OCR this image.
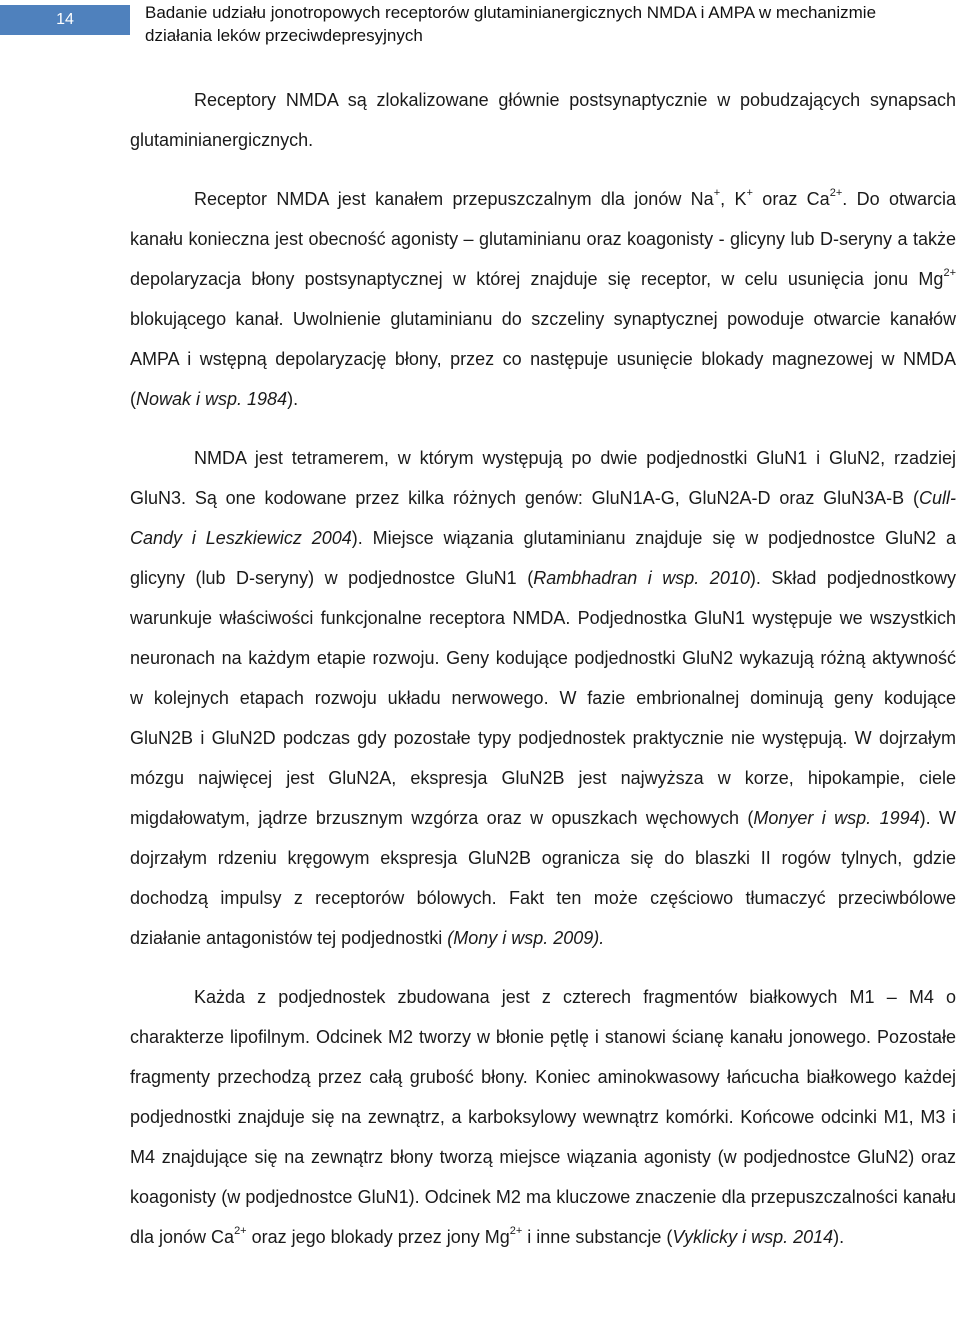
14	Badanie udziału jonotropowych receptorów glutaminianergicznych NMDA i AMPA w mechanizmie działania leków przeciwdepresyjnych

Receptory NMDA są zlokalizowane głównie postsynaptycznie w pobudzających synapsach glutaminianergicznych.

Receptor NMDA jest kanałem przepuszczalnym dla jonów Na+, K+ oraz $Ca^{2+}$. Do otwarcia kanału konieczna jest obecność agonisty – glutaminianu oraz koagonisty - glicyny lub D-seryny a także depolaryzacja błony postsynaptycznej w której znajduje się receptor, w celu usunięcia jonu $Mg^{2+}$ blokującego kanał. Uwolnienie glutaminianu do szczeliny synaptycznej powoduje otwarcie kanałów AMPA i wstępną depolaryzację błony, przez co następuje usunięcie blokady magnezowej w NMDA (Nowak i wsp. 1984).

NMDA jest tetramerem, w którym występują po dwie podjednostki GluN1 i GluN2, rzadziej GluN3. Są one kodowane przez kilka różnych genów: GluN1A-G, GluN2A-D oraz GluN3A-B (Cull-Candy i Leszkiewicz 2004). Miejsce wiązania glutaminianu znajduje się w podjednostce GluN2 a glicyny (lub D-seryny) w podjednostce GluN1 (Rambhadran i wsp. 2010). Skład podjednostkowy warunkuje właściwości funkcjonalne receptora NMDA. Podjednostka GluN1 występuje we wszystkich neuronach na każdym etapie rozwoju. Geny kodujące podjednostki GluN2 wykazują różną aktywność w kolejnych etapach rozwoju układu nerwowego. W fazie embrionalnej dominują geny kodujące GluN2B i GluN2D podczas gdy pozostałe typy podjednostek praktycznie nie występują. W dojrzałym mózgu najwięcej jest GluN2A, ekspresja GluN2B jest najwyższa w korze, hipokampie, ciele migdałowatym, jądrze brzusznym wzgórza oraz w opuszkach węchowych (Monyer i wsp. 1994). W dojrzałym rdzeniu kręgowym ekspresja GluN2B ogranicza się do blaszki II rogów tylnych, gdzie dochodzą impulsy z receptorów bólowych. Fakt ten może częściowo tłumaczyć przeciwbólowe działanie antagonistów tej podjednostki (Mony i wsp. 2009).

Każda z podjednostek zbudowana jest z czterech fragmentów białkowych M1 – M4 o charakterze lipofilnym. Odcinek M2 tworzy w błonie pętlę i stanowi ścianę kanału jonowego. Pozostałe fragmenty przechodzą przez całą grubość błony. Koniec aminokwasowy łańcucha białkowego każdej podjednostki znajduje się na zewnątrz, a karboksylowy wewnątrz komórki. Końcowe odcinki M1, M3 i M4 znajdujące się na zewnątrz błony tworzą miejsce wiązania agonisty (w podjednostce GluN2) oraz koagonisty (w podjednostce GluN1). Odcinek M2 ma kluczowe znaczenie dla przepuszczalności kanału dla jonów $Ca^{2+}$ oraz jego blokady przez jony $Mg^{2+}$ i inne substancje (Vyklicky i wsp. 2014).
